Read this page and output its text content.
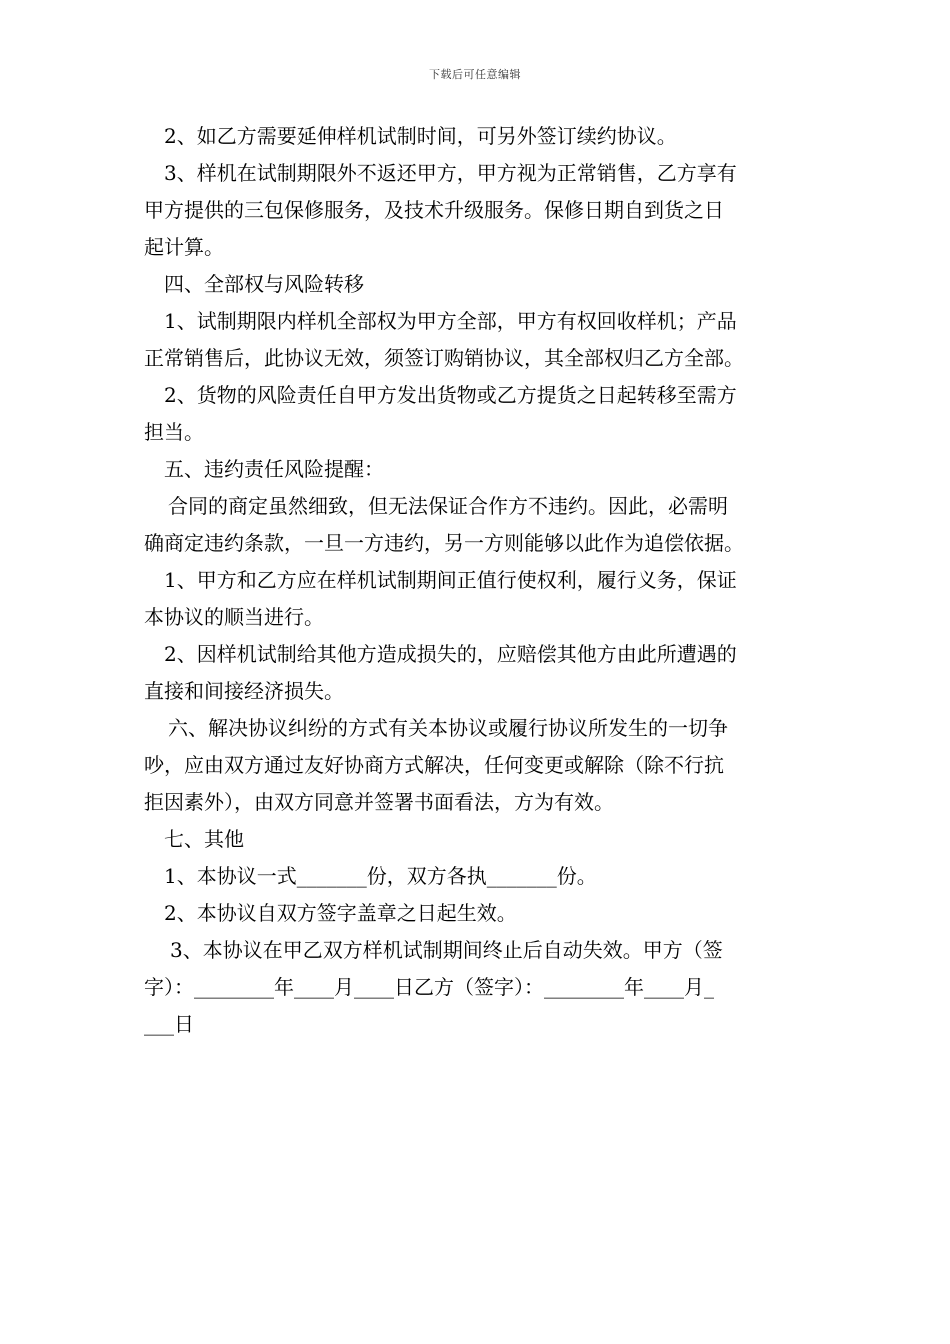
下载后可任意编辑
2、如乙方需要延伸样机试制时间，可另外签订续约协议。
3、样机在试制期限外不返还甲方，甲方视为正常销售，乙方享有
甲方提供的三包保修服务，及技术升级服务。保修日期自到货之日
起计算。
四、全部权与风险转移
1、试制期限内样机全部权为甲方全部，甲方有权回收样机；产品
正常销售后，此协议无效，须签订购销协议，其全部权归乙方全部。
2、货物的风险责任自甲方发出货物或乙方提货之日起转移至需方
担当。
五、违约责任风险提醒：
合同的商定虽然细致，但无法保证合作方不违约。因此，必需明
确商定违约条款，一旦一方违约，另一方则能够以此作为追偿依据。
1、甲方和乙方应在样机试制期间正值行使权利，履行义务，保证
本协议的顺当进行。
2、因样机试制给其他方造成损失的，应赔偿其他方由此所遭遇的
直接和间接经济损失。
六、解决协议纠纷的方式有关本协议或履行协议所发生的一切争
吵，应由双方通过友好协商方式解决，任何变更或解除（除不行抗
拒因素外），由双方同意并签署书面看法，方为有效。
七、其他
1、本协议一式_______份，双方各执_______份。
2、本协议自双方签字盖章之日起生效。
3、本协议在甲乙双方样机试制期间终止后自动失效。甲方（签
字）：________年____月____日乙方（签字）：________年____月_
___日
